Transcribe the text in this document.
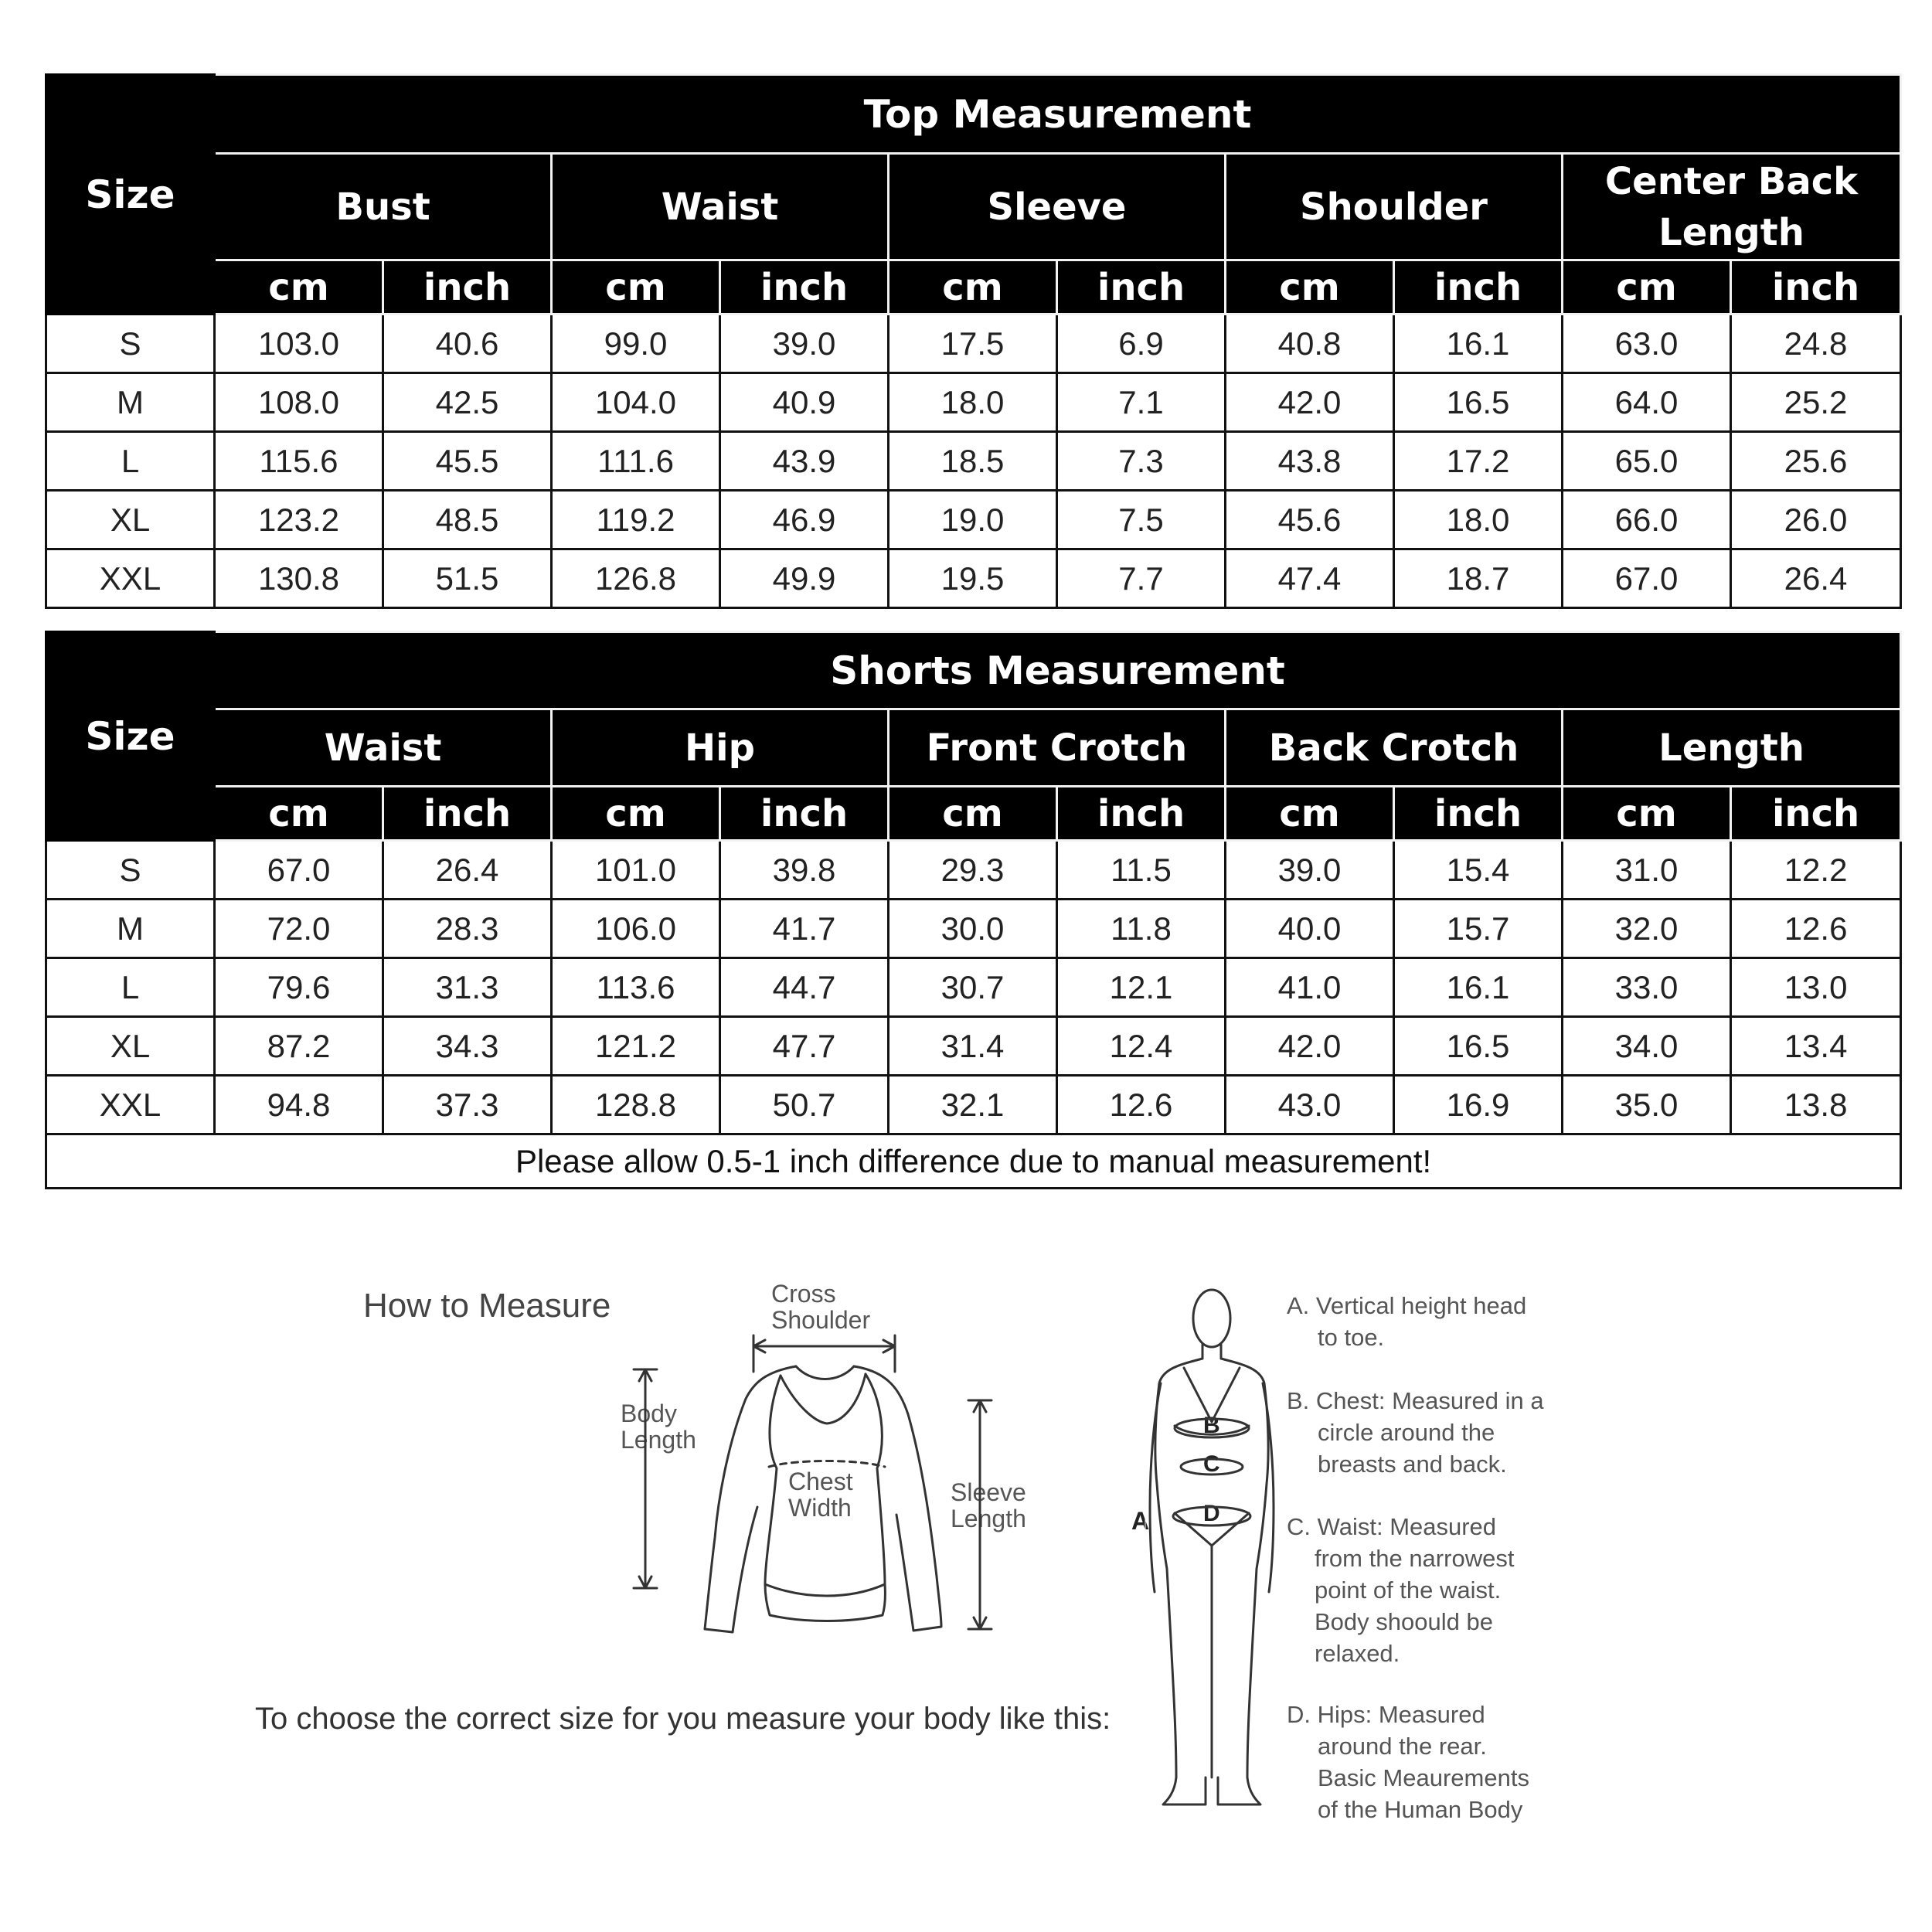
Size	Top Measurement									
	Bust		Waist		Sleeve		Shoulder		Center Back Length	
	cm	inch	cm	inch	cm	inch	cm	inch	cm	inch
S	103.0	40.6	99.0	39.0	17.5	6.9	40.8	16.1	63.0	24.8
M	108.0	42.5	104.0	40.9	18.0	7.1	42.0	16.5	64.0	25.2
L	115.6	45.5	111.6	43.9	18.5	7.3	43.8	17.2	65.0	25.6
XL	123.2	48.5	119.2	46.9	19.0	7.5	45.6	18.0	66.0	26.0
XXL	130.8	51.5	126.8	49.9	19.5	7.7	47.4	18.7	67.0	26.4
Size	Shorts Measurement									
	Waist		Hip		Front Crotch		Back Crotch		Length	
	cm	inch	cm	inch	cm	inch	cm	inch	cm	inch
S	67.0	26.4	101.0	39.8	29.3	11.5	39.0	15.4	31.0	12.2
M	72.0	28.3	106.0	41.7	30.0	11.8	40.0	15.7	32.0	12.6
L	79.6	31.3	113.6	44.7	30.7	12.1	41.0	16.1	33.0	13.0
XL	87.2	34.3	121.2	47.7	31.4	12.4	42.0	16.5	34.0	13.4
XXL	94.8	37.3	128.8	50.7	32.1	12.6	43.0	16.9	35.0	13.8
Please allow 0.5-1 inch difference due to manual measurement!										
How to Measure
To choose the correct size for you measure your body like this:
Cross
Shoulder
Body
Length
Chest
Width
Sleeve
Length	A
B
C
D
A. Vertical height head
to toe.
B. Chest: Measured in a
circle around the
breasts and back.
C. Waist: Measured
from the narrowest
point of the waist.
Body shoould be
relaxed.
D. Hips: Measured
around the rear.
Basic Meaurements
of the Human Body
